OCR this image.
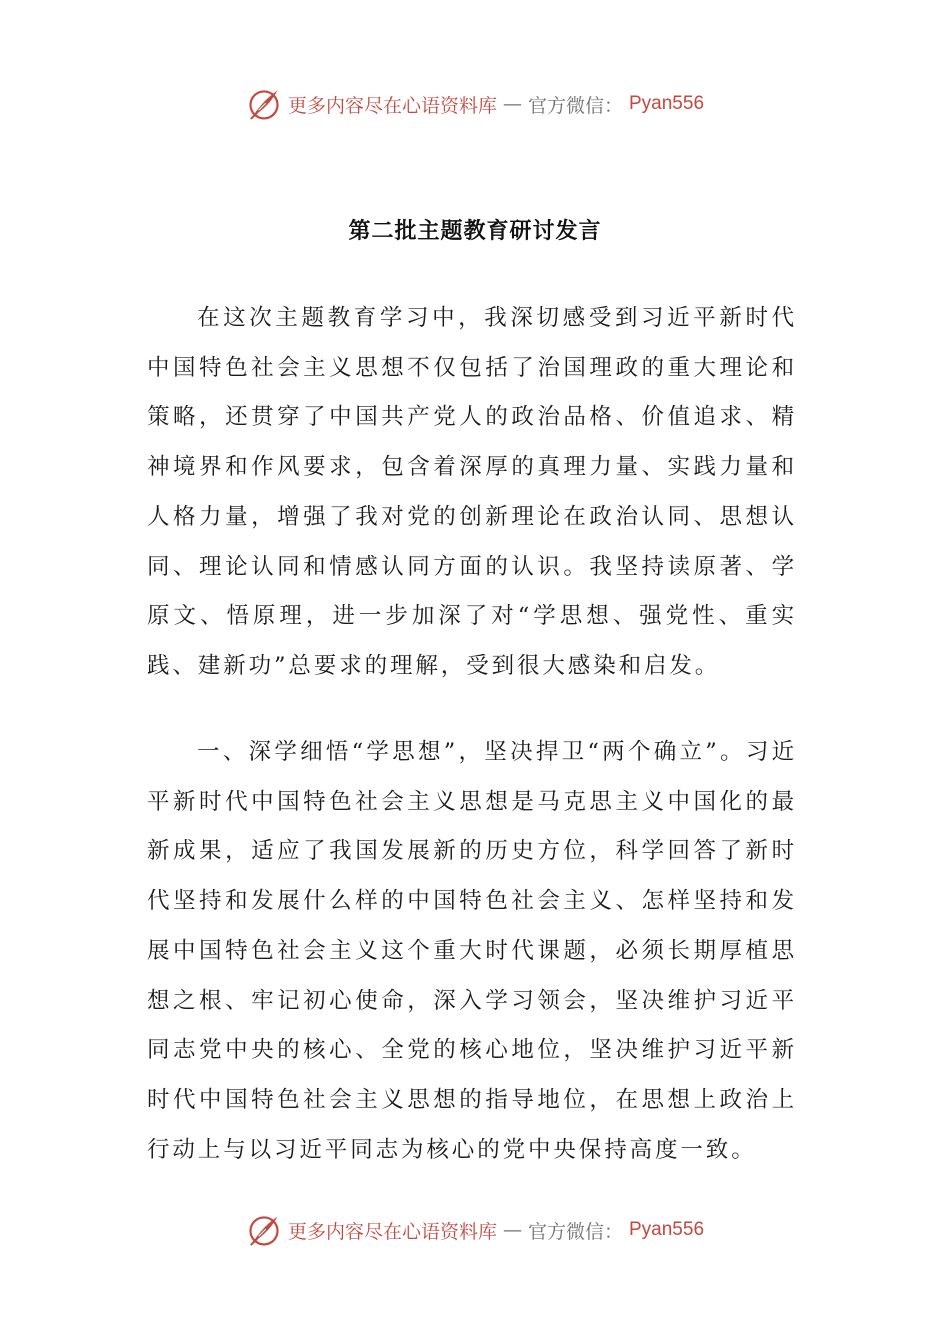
更多内容尽在心语资料库 — 官方微信： Pyan556
第二批主题教育研讨发言

在这次主题教育学习中，我深切感受到习近平新时代中国特色社会主义思想不仅包括了治国理政的重大理论和策略，还贯穿了中国共产党人的政治品格、价值追求、精神境界和作风要求，包含着深厚的真理力量、实践力量和人格力量，增强了我对党的创新理论在政治认同、思想认同、理论认同和情感认同方面的认识。我坚持读原著、学原文、悟原理，进一步加深了对“学思想、强党性、重实践、建新功”总要求的理解，受到很大感染和启发。

一、深学细悟“学思想”，坚决捍卫“两个确立”。习近平新时代中国特色社会主义思想是马克思主义中国化的最新成果，适应了我国发展新的历史方位，科学回答了新时代坚持和发展什么样的中国特色社会主义、怎样坚持和发展中国特色社会主义这个重大时代课题，必须长期厚植思想之根、牢记初心使命，深入学习领会，坚决维护习近平同志党中央的核心、全党的核心地位，坚决维护习近平新时代中国特色社会主义思想的指导地位，在思想上政治上行动上与以习近平同志为核心的党中央保持高度一致。

更多内容尽在心语资料库 — 官方微信： Pyan556
